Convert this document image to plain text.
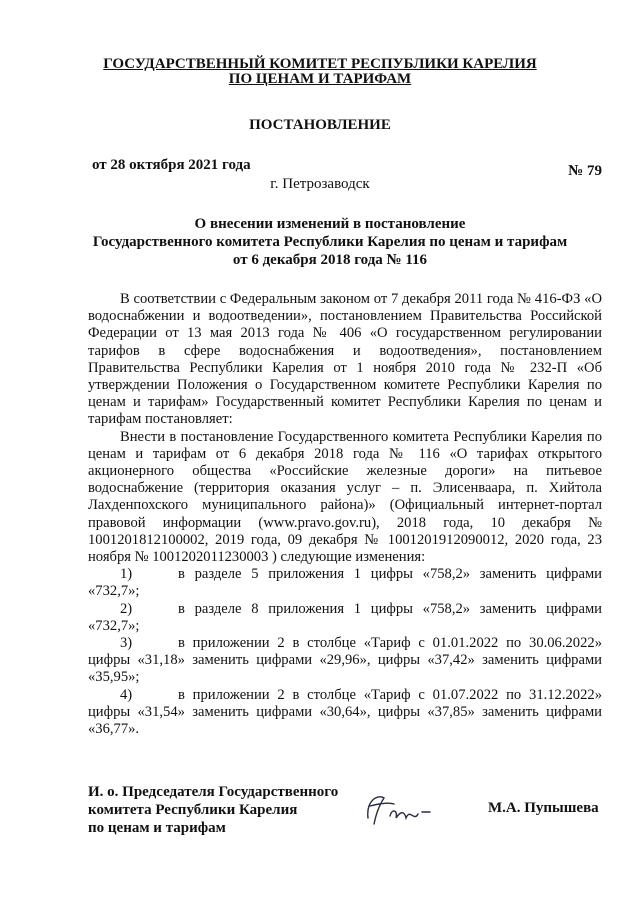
ГОСУДАРСТВЕННЫЙ КОМИТЕТ РЕСПУБЛИКИ КАРЕЛИЯ
ПО ЦЕНАМ И ТАРИФАМ
ПОСТАНОВЛЕНИЕ
от 28 октября 2021 года	№ 79
г. Петрозаводск
О внесении изменений в постановление
Государственного комитета Республики Карелия по ценам и тарифам
от 6 декабря 2018 года № 116

В соответствии с Федеральным законом от 7 декабря 2011 года № 416-ФЗ «О водоснабжении и водоотведении», постановлением Правительства Российской Федерации от 13 мая 2013 года № 406 «О государственном регулировании тарифов в сфере водоснабжения и водоотведения», постановлением Правительства Республики Карелия от 1 ноября 2010 года № 232-П «Об утверждении Положения о Государственном комитете Республики Карелия по ценам и тарифам» Государственный комитет Республики Карелия по ценам и тарифам постановляет:

Внести в постановление Государственного комитета Республики Карелия по ценам и тарифам от 6 декабря 2018 года № 116 «О тарифах открытого акционерного общества «Российские железные дороги» на питьевое водоснабжение (территория оказания услуг – п. Элисенваара, п. Хийтола Лахденпохского муниципального района)» (Официальный интернет-портал правовой информации (www.pravo.gov.ru), 2018 года, 10 декабря № 1001201812100002, 2019 года, 09 декабря № 1001201912090012, 2020 года, 23 ноября № 1001202011230003 ) следующие изменения:

1)	в разделе 5 приложения 1 цифры «758,2» заменить цифрами «732,7»;

2)	в разделе 8 приложения 1 цифры «758,2» заменить цифрами «732,7»;

3)	в приложении 2 в столбце «Тариф с 01.01.2022 по 30.06.2022» цифры «31,18» заменить цифрами «29,96», цифры «37,42» заменить цифрами «35,95»;

4)	в приложении 2 в столбце «Тариф с 01.07.2022 по 31.12.2022» цифры «31,54» заменить цифрами «30,64», цифры «37,85» заменить цифрами «36,77».

И. о. Председателя Государственного
комитета Республики Карелия
по ценам и тарифам
М.А. Пупышева
